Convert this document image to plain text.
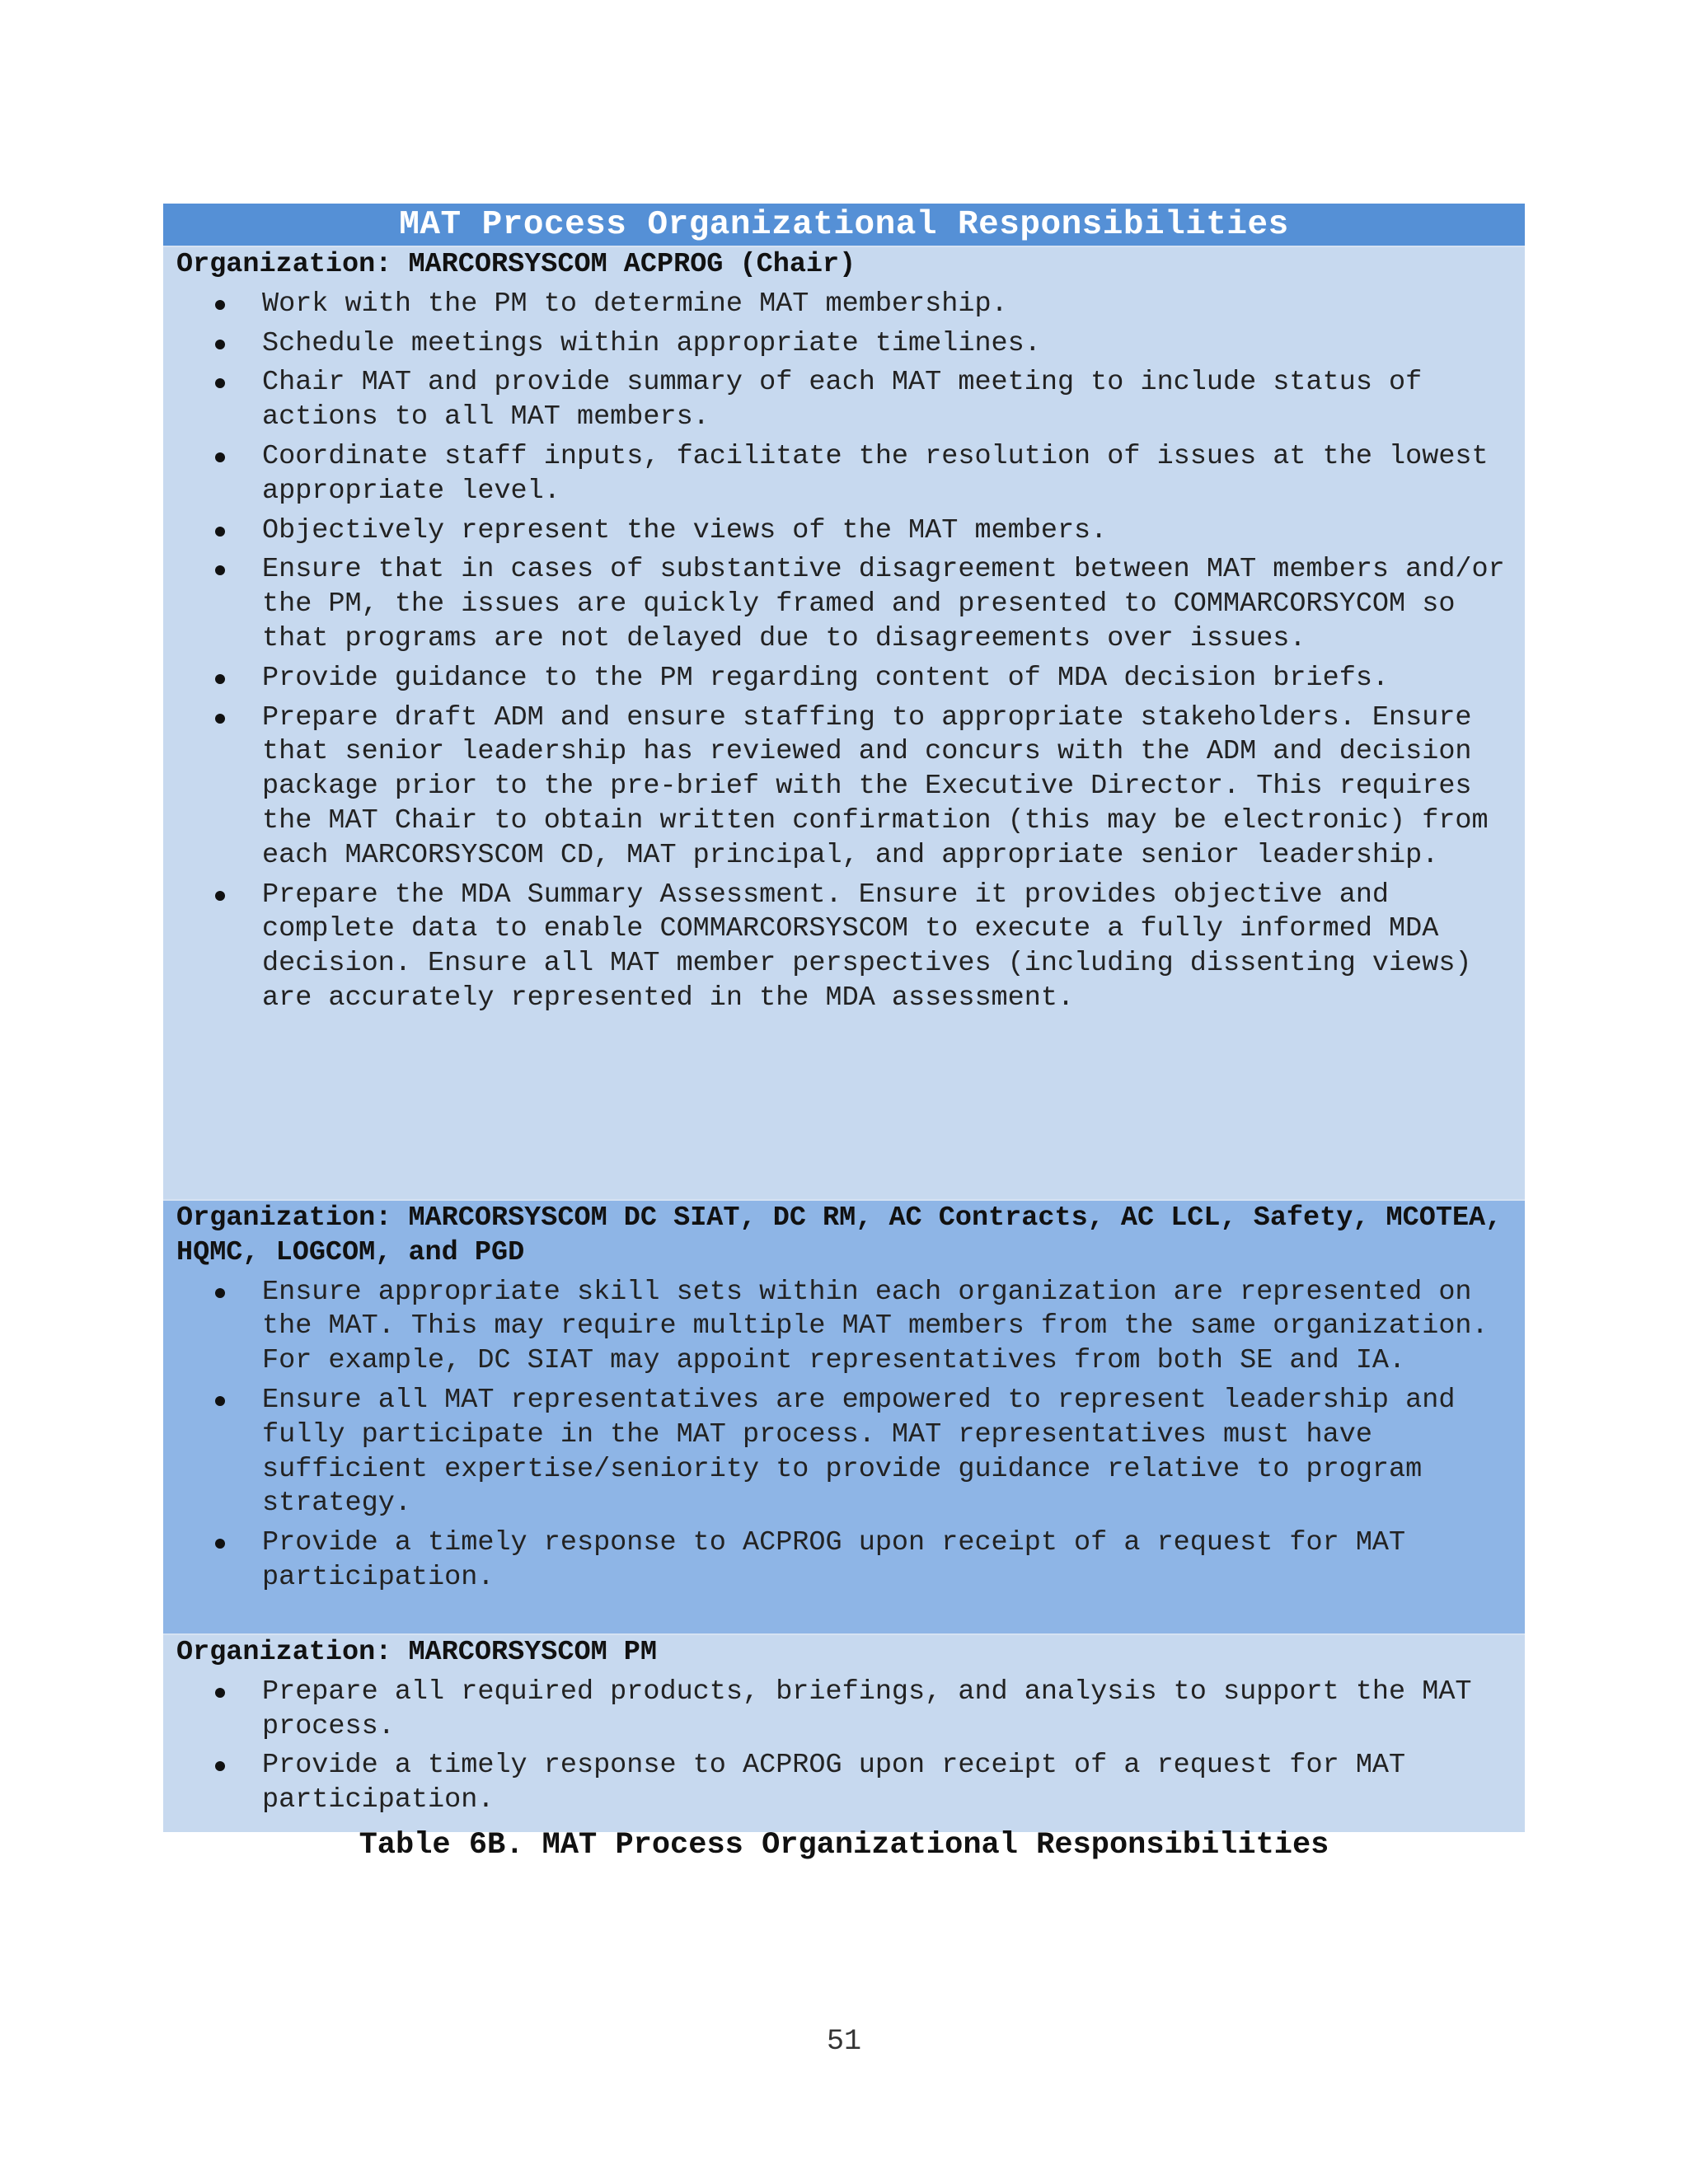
MAT Process Organizational Responsibilities
Organization: MARCORSYSCOM ACPROG (Chair)
Work with the PM to determine MAT membership.
Schedule meetings within appropriate timelines.
Chair MAT and provide summary of each MAT meeting to include status of actions to all MAT members.
Coordinate staff inputs, facilitate the resolution of issues at the lowest appropriate level.
Objectively represent the views of the MAT members.
Ensure that in cases of substantive disagreement between MAT members and/or the PM, the issues are quickly framed and presented to COMMARCORSYCOM so that programs are not delayed due to disagreements over issues.
Provide guidance to the PM regarding content of MDA decision briefs.
Prepare draft ADM and ensure staffing to appropriate stakeholders. Ensure that senior leadership has reviewed and concurs with the ADM and decision package prior to the pre-brief with the Executive Director. This requires the MAT Chair to obtain written confirmation (this may be electronic) from each MARCORSYSCOM CD, MAT principal, and appropriate senior leadership.
Prepare the MDA Summary Assessment. Ensure it provides objective and complete data to enable COMMARCORSYSCOM to execute a fully informed MDA decision. Ensure all MAT member perspectives (including dissenting views) are accurately represented in the MDA assessment.
Organization: MARCORSYSCOM DC SIAT, DC RM, AC Contracts, AC LCL, Safety, MCOTEA, HQMC, LOGCOM, and PGD
Ensure appropriate skill sets within each organization are represented on the MAT. This may require multiple MAT members from the same organization. For example, DC SIAT may appoint representatives from both SE and IA.
Ensure all MAT representatives are empowered to represent leadership and fully participate in the MAT process. MAT representatives must have sufficient expertise/seniority to provide guidance relative to program strategy.
Provide a timely response to ACPROG upon receipt of a request for MAT participation.
Organization: MARCORSYSCOM PM
Prepare all required products, briefings, and analysis to support the MAT process.
Provide a timely response to ACPROG upon receipt of a request for MAT participation.
Table 6B. MAT Process Organizational Responsibilities
51
